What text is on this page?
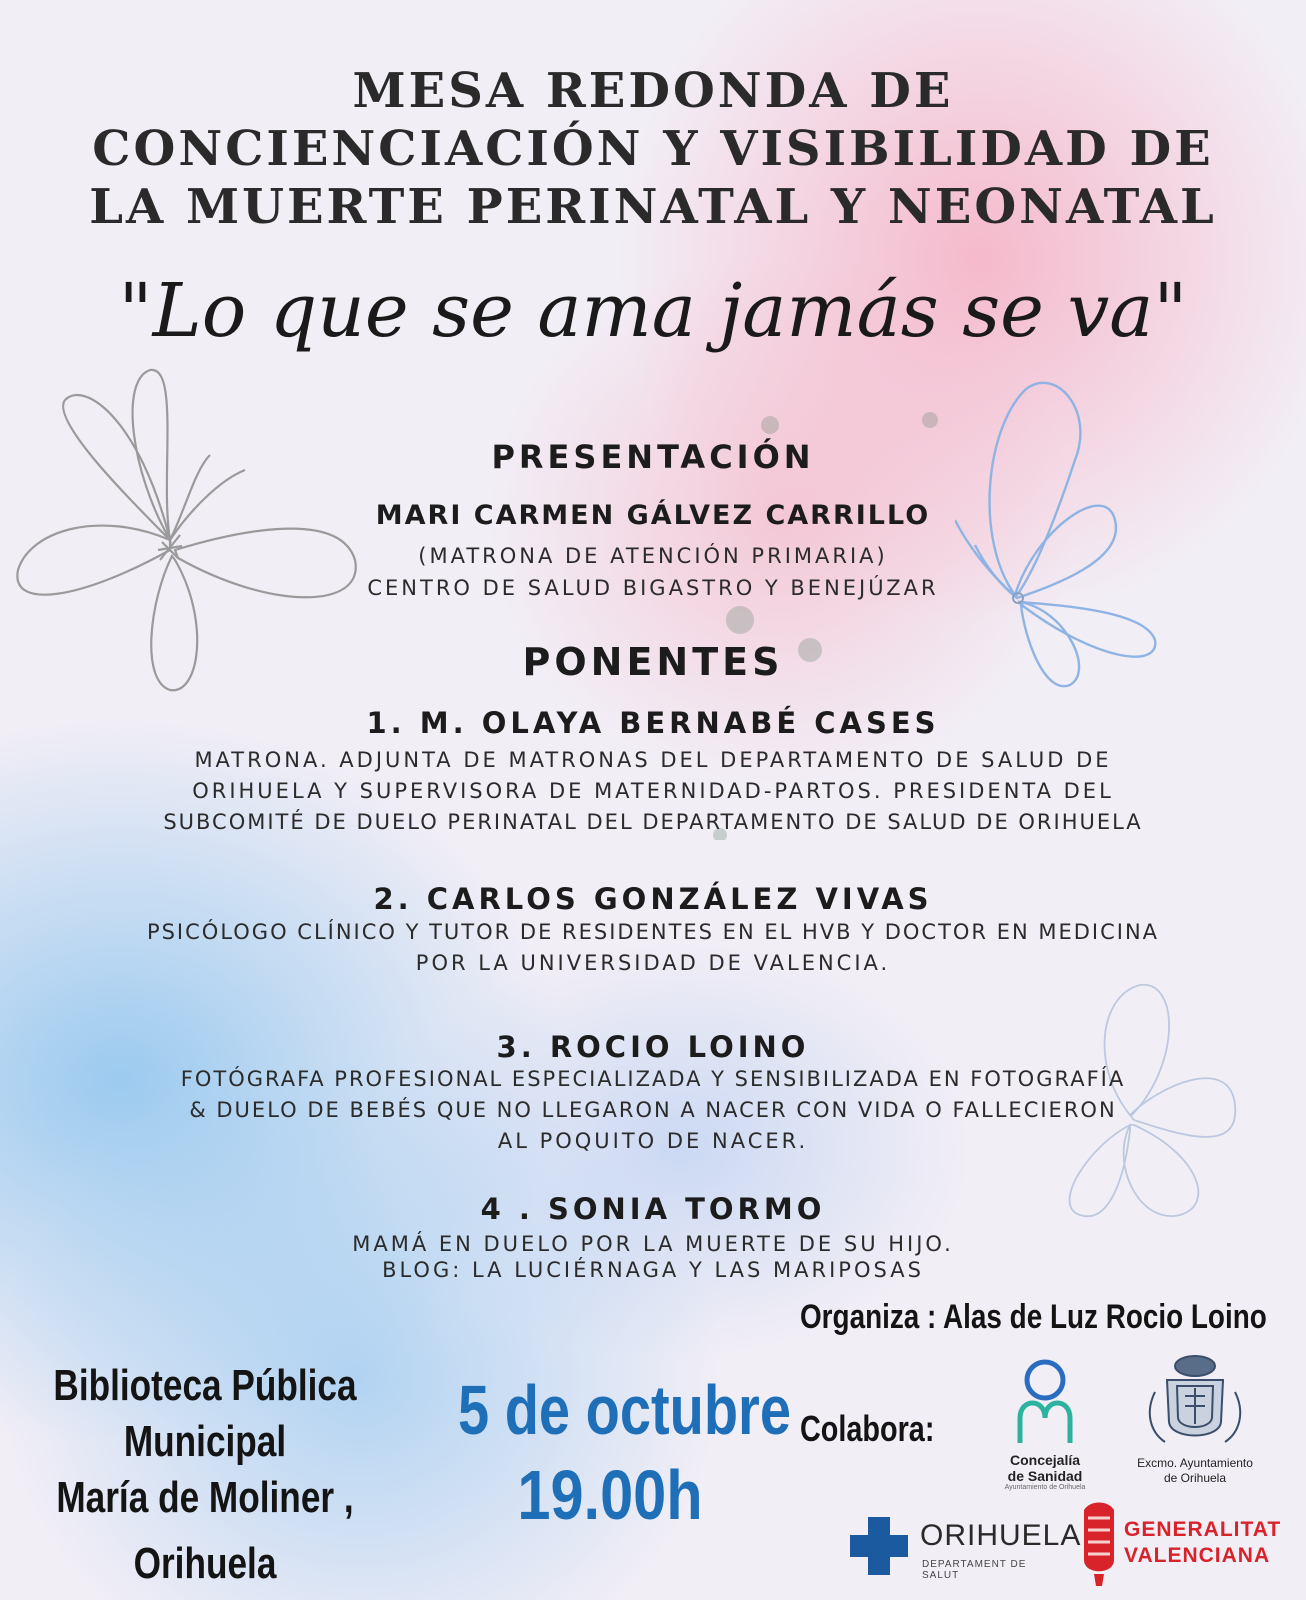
MESA REDONDA DE
CONCIENCIACIÓN Y VISIBILIDAD DE
LA MUERTE PERINATAL Y NEONATAL
"Lo que se ama jamás se va"
PRESENTACIÓN
MARI CARMEN GÁLVEZ CARRILLO
(MATRONA DE ATENCIÓN PRIMARIA)
CENTRO DE SALUD BIGASTRO Y BENEJÚZAR
PONENTES
1. M. OLAYA BERNABÉ CASES
MATRONA. ADJUNTA DE MATRONAS DEL DEPARTAMENTO DE SALUD DE
ORIHUELA Y SUPERVISORA DE MATERNIDAD-PARTOS. PRESIDENTA DEL
SUBCOMITÉ DE DUELO PERINATAL DEL DEPARTAMENTO DE SALUD DE ORIHUELA
2. CARLOS GONZÁLEZ VIVAS
PSICÓLOGO CLÍNICO Y TUTOR DE RESIDENTES EN EL HVB Y DOCTOR EN MEDICINA
POR LA UNIVERSIDAD DE VALENCIA.
3. ROCIO LOINO
FOTÓGRAFA PROFESIONAL ESPECIALIZADA Y SENSIBILIZADA EN FOTOGRAFÍA
& DUELO DE BEBÉS QUE NO LLEGARON A NACER CON VIDA O FALLECIERON
AL POQUITO DE NACER.
4 . SONIA TORMO
MAMÁ EN DUELO POR LA MUERTE DE SU HIJO.
BLOG: LA LUCIÉRNAGA Y LAS MARIPOSAS
Organiza : Alas de Luz Rocio Loino
Biblioteca Pública
Municipal
María de Moliner ,
Orihuela
5 de octubre
19.00h
Colabora:
Concejalía
de Sanidad
Ayuntamiento de Orihuela
Excmo. Ayuntamiento
de Orihuela
ORIHUELA
DEPARTAMENT DE SALUT
GENERALITAT
VALENCIANA
